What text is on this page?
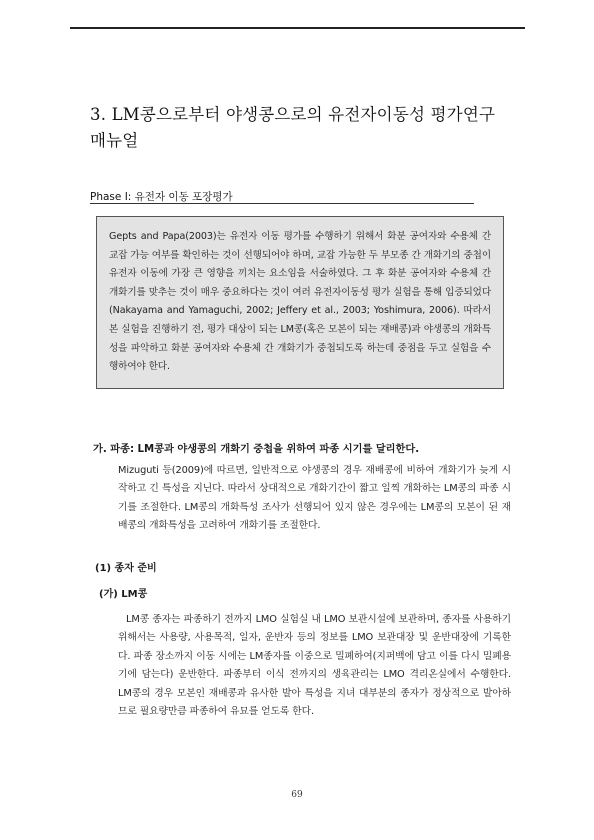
3. LM콩으로부터 야생콩으로의 유전자이동성 평가연구 매뉴얼
Phase I: 유전자 이동 포장평가

Gepts and Papa(2003)는 유전자 이동 평가를 수행하기 위해서 화분 공여자와 수용체 간 교잡 가능 여부를 확인하는 것이 선행되어야 하며, 교잡 가능한 두 부모종 간 개화기의 중첩이 유전자 이동에 가장 큰 영향을 끼치는 요소임을 서술하였다. 그 후 화분 공여자와 수용체 간 개화기를 맞추는 것이 매우 중요하다는 것이 여러 유전자이동성 평가 실험을 통해 입증되었다(Nakayama and Yamaguchi, 2002; Jeffery et al., 2003; Yoshimura, 2006). 따라서 본 실험을 진행하기 전, 평가 대상이 되는 LM콩(혹은 모본이 되는 재배콩)과 야생콩의 개화특성을 파악하고 화분 공여자와 수용체 간 개화기가 중첩되도록 하는데 중점을 두고 실험을 수행하여야 한다.

가. 파종: LM콩과 야생콩의 개화기 중첩을 위하여 파종 시기를 달리한다.

Mizuguti 등(2009)에 따르면, 일반적으로 야생콩의 경우 재배콩에 비하여 개화기가 늦게 시작하고 긴 특성을 지닌다. 따라서 상대적으로 개화기간이 짧고 일찍 개화하는 LM콩의 파종 시기를 조절한다. LM콩의 개화특성 조사가 선행되어 있지 않은 경우에는 LM콩의 모본이 된 재배콩의 개화특성을 고려하여 개화기를 조절한다.

(1) 종자 준비
(가) LM콩

LM콩 종자는 파종하기 전까지 LMO 실험실 내 LMO 보관시설에 보관하며, 종자를 사용하기 위해서는 사용량, 사용목적, 일자, 운반자 등의 정보를 LMO 보관대장 및 운반대장에 기록한다. 파종 장소까지 이동 시에는 LM종자를 이중으로 밀폐하여(지퍼백에 담고 이를 다시 밀폐용기에 담는다) 운반한다. 파종부터 이식 전까지의 생육관리는 LMO 격리온실에서 수행한다. LM콩의 경우 모본인 재배콩과 유사한 발아 특성을 지녀 대부분의 종자가 정상적으로 발아하므로 필요량만큼 파종하여 유묘를 얻도록 한다.

69
